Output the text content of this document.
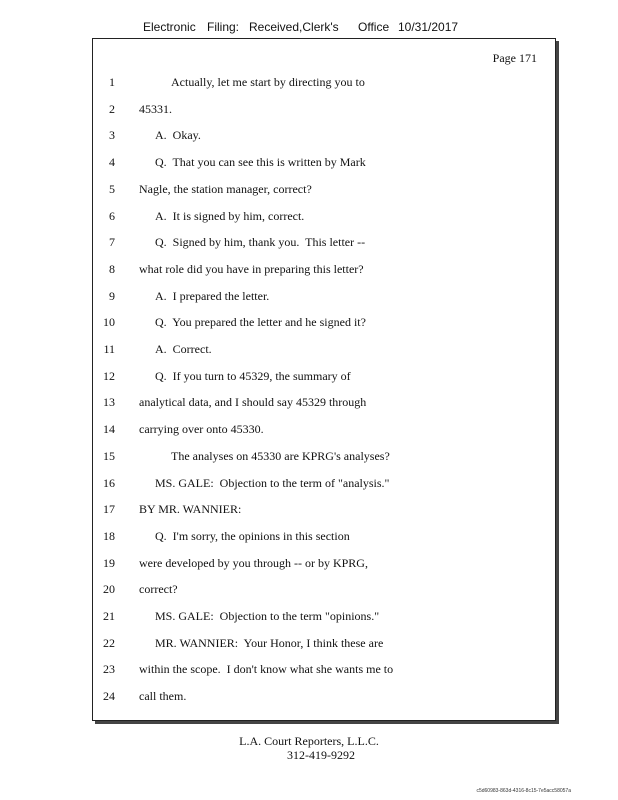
Electronic Filing: Received,Clerk's Office 10/31/2017
Page 171
1	Actually, let me start by directing you to
2 45331.
3	A.  Okay.
4	Q.  That you can see this is written by Mark
5 Nagle, the station manager, correct?
6	A.  It is signed by him, correct.
7	Q.  Signed by him, thank you.  This letter --
8 what role did you have in preparing this letter?
9	A.  I prepared the letter.
10	Q.  You prepared the letter and he signed it?
11	A.  Correct.
12	Q.  If you turn to 45329, the summary of
13 analytical data, and I should say 45329 through
14 carrying over onto 45330.
15	The analyses on 45330 are KPRG's analyses?
16	MS. GALE:  Objection to the term of "analysis."
17 BY MR. WANNIER:
18	Q.  I'm sorry, the opinions in this section
19 were developed by you through -- or by KPRG,
20 correct?
21	MS. GALE:  Objection to the term "opinions."
22	MR. WANNIER:  Your Honor, I think these are
23 within the scope.  I don't know what she wants me to
24 call them.
L.A. Court Reporters, L.L.C.
312-419-9292
c5d60983-863d-4316-8c15-7e5acc58057a
